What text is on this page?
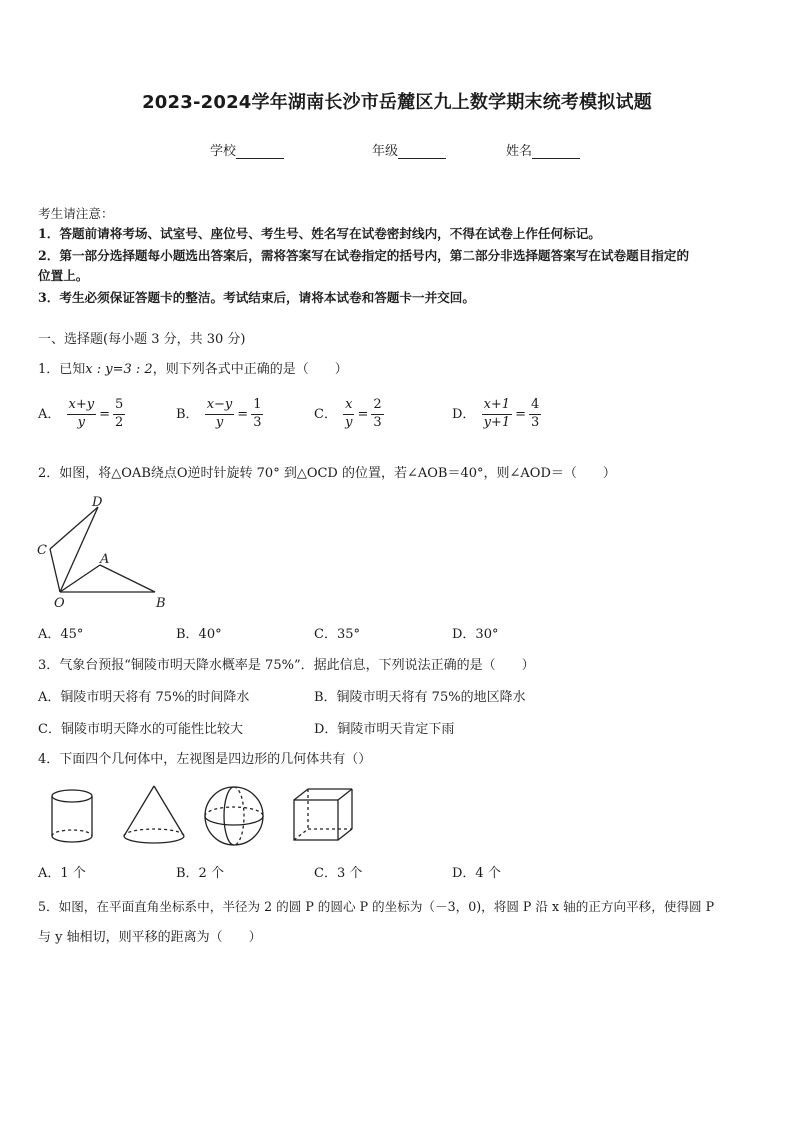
2023-2024学年湖南长沙市岳麓区九上数学期末统考模拟试题
学校	年级	姓名
考生请注意：
1．答题前请将考场、试室号、座位号、考生号、姓名写在试卷密封线内，不得在试卷上作任何标记。
2．第一部分选择题每小题选出答案后，需将答案写在试卷指定的括号内，第二部分非选择题答案写在试卷题目指定的
位置上。
3．考生必须保证答题卡的整洁。考试结束后，请将本试卷和答题卡一并交回。
一、选择题(每小题 3 分，共 30 分)
1．已知x : y=3 : 2，则下列各式中正确的是（　　）
A． $\frac{x+y}{y} = \frac{5}{2}$	B． $\frac{x-y}{y} = \frac{1}{3}$	C． $\frac{x}{y} = \frac{2}{3}$	D． $\frac{x+1}{y+1} = \frac{4}{3}$
2．如图，将△OAB绕点O逆时针旋转 70° 到△OCD 的位置，若∠AOB＝40°，则∠AOD＝（　　）
D
C
A
O	B
A．45°	B．40°	C．35°	D．30°
3．气象台预报“铜陵市明天降水概率是 75%”．据此信息，下列说法正确的是（　　）
A．铜陵市明天将有 75%的时间降水	B．铜陵市明天将有 75%的地区降水
C．铜陵市明天降水的可能性比较大	D．铜陵市明天肯定下雨
4．下面四个几何体中，左视图是四边形的几何体共有（）
A．1 个	B．2 个	C．3 个	D．4 个
5．如图，在平面直角坐标系中，半径为 2 的圆 P 的圆心 P 的坐标为（－3，0)，将圆 P 沿 x 轴的正方向平移，使得圆 P
与 y 轴相切，则平移的距离为（　　）
